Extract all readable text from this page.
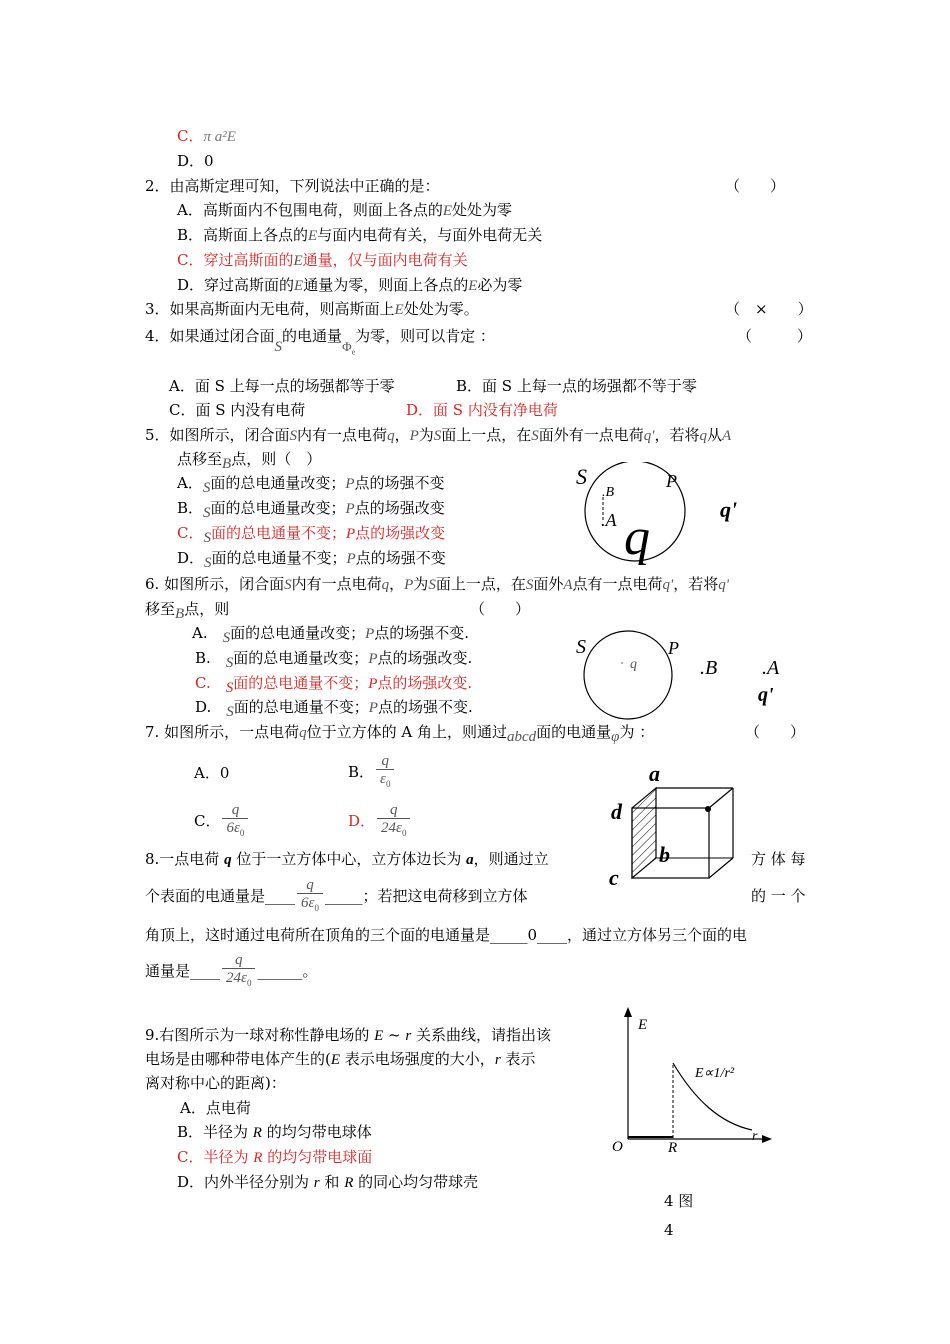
C．π a²E
D．0
2．由高斯定理可知，下列说法中正确的是：	（　　）
A．高斯面内不包围电荷，则面上各点的E处处为零
B．高斯面上各点的E与面内电荷有关，与面外电荷无关
C．穿过高斯面的E通量，仅与面内电荷有关
D．穿过高斯面的E通量为零，则面上各点的E必为零
3．如果高斯面内无电荷，则高斯面上E处处为零。	（　×　　）
4．如果通过闭合面S的电通量$\Phi_e$为零，则可以肯定 ：	（　　　）
A．面 S 上每一点的场强都等于零	B．面 S 上每一点的场强都不等于零
C．面 S 内没有电荷	D．面 S 内没有净电荷
5．如图所示，闭合面S内有一点电荷q，P为S面上一点，在S面外有一点电荷q'，若将q从A
点移至B点，则（　）
A．S面的总电通量改变；P点的场强不变
B．S面的总电通量改变；P点的场强改变
C．S面的总电通量不变；P点的场强改变
D．S面的总电通量不变；P点的场强不变
S	P
.B
.A q	q'
6. 如图所示，闭合面S内有一点电荷q，P为S面上一点，在S面外A点有一点电荷q'，若将q'
移至B点，则	（　　）
A.　S面的总电通量改变；P点的场强不变.
B.　S面的总电通量改变；P点的场强改变.
C.　S面的总电通量不变；P点的场强改变.
D.　S面的总电通量不变；P点的场强不变.
S	P
q	.B .A
q'
7. 如图所示，一点电荷q位于立方体的 A 角上，则通过abcd面的电通量φ为 ：	（　　）
A．0	B． $\frac{q}{\varepsilon_0}$
C． $\frac{q}{6\varepsilon_0}$	D． $\frac{q}{24\varepsilon_0}$
a
d
b
c
8.一点电荷 q 位于一立方体中心，立方体边长为 a，则通过立	方 体 每
个表面的电通量是____ $\frac{q}{6\varepsilon_0}$ _____；若把这电荷移到立方体	的 一 个
角顶上，这时通过电荷所在顶角的三个面的电通量是_____0____，通过立方体另三个面的电
通量是____ $\frac{q}{24\varepsilon_0}$ ______。
9.右图所示为一球对称性静电场的 E ~ r 关系曲线，请指出该
电场是由哪种带电体产生的(E 表示电场强度的大小，r 表示
离对称中心的距离)：
A．点电荷
B．半径为 R 的均匀带电球体
C．半径为 R 的均匀带电球面
D．内外半径分别为 r 和 R 的同心均匀带球壳
E
E∝1/r²
O	R
r
4 图
4
